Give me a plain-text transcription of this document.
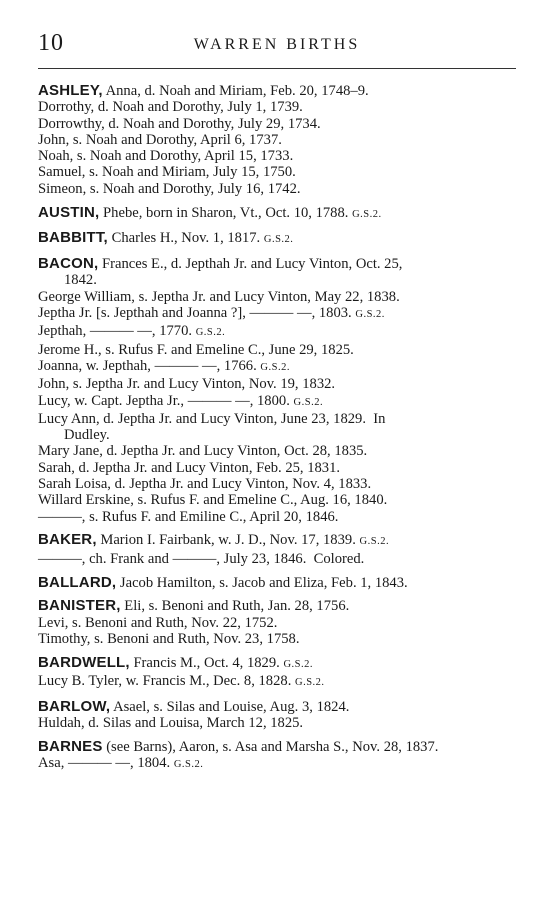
10	WARREN BIRTHS
ASHLEY, Anna, d. Noah and Miriam, Feb. 20, 1748–9.
Dorrothy, d. Noah and Dorothy, July 1, 1739.
Dorrowthy, d. Noah and Dorothy, July 29, 1734.
John, s. Noah and Dorothy, April 6, 1737.
Noah, s. Noah and Dorothy, April 15, 1733.
Samuel, s. Noah and Miriam, July 15, 1750.
Simeon, s. Noah and Dorothy, July 16, 1742.
AUSTIN, Phebe, born in Sharon, Vt., Oct. 10, 1788. G.S.2.
BABBITT, Charles H., Nov. 1, 1817. G.S.2.
BACON, Frances E., d. Jepthah Jr. and Lucy Vinton, Oct. 25,
1842.
George William, s. Jeptha Jr. and Lucy Vinton, May 22, 1838.
Jeptha Jr. [s. Jepthah and Joanna ?], ——— —, 1803. G.S.2.
Jepthah, ——— —, 1770. G.S.2.
Jerome H., s. Rufus F. and Emeline C., June 29, 1825.
Joanna, w. Jepthah, ——— —, 1766. G.S.2.
John, s. Jeptha Jr. and Lucy Vinton, Nov. 19, 1832.
Lucy, w. Capt. Jeptha Jr., ——— —, 1800. G.S.2.
Lucy Ann, d. Jeptha Jr. and Lucy Vinton, June 23, 1829.  In
Dudley.
Mary Jane, d. Jeptha Jr. and Lucy Vinton, Oct. 28, 1835.
Sarah, d. Jeptha Jr. and Lucy Vinton, Feb. 25, 1831.
Sarah Loisa, d. Jeptha Jr. and Lucy Vinton, Nov. 4, 1833.
Willard Erskine, s. Rufus F. and Emeline C., Aug. 16, 1840.
———, s. Rufus F. and Emiline C., April 20, 1846.
BAKER, Marion I. Fairbank, w. J. D., Nov. 17, 1839. G.S.2.
———, ch. Frank and ———, July 23, 1846.  Colored.
BALLARD, Jacob Hamilton, s. Jacob and Eliza, Feb. 1, 1843.
BANISTER, Eli, s. Benoni and Ruth, Jan. 28, 1756.
Levi, s. Benoni and Ruth, Nov. 22, 1752.
Timothy, s. Benoni and Ruth, Nov. 23, 1758.
BARDWELL, Francis M., Oct. 4, 1829. G.S.2.
Lucy B. Tyler, w. Francis M., Dec. 8, 1828. G.S.2.
BARLOW, Asael, s. Silas and Louise, Aug. 3, 1824.
Huldah, d. Silas and Louisa, March 12, 1825.
BARNES (see Barns), Aaron, s. Asa and Marsha S., Nov. 28, 1837.
Asa, ——— —, 1804. G.S.2.
